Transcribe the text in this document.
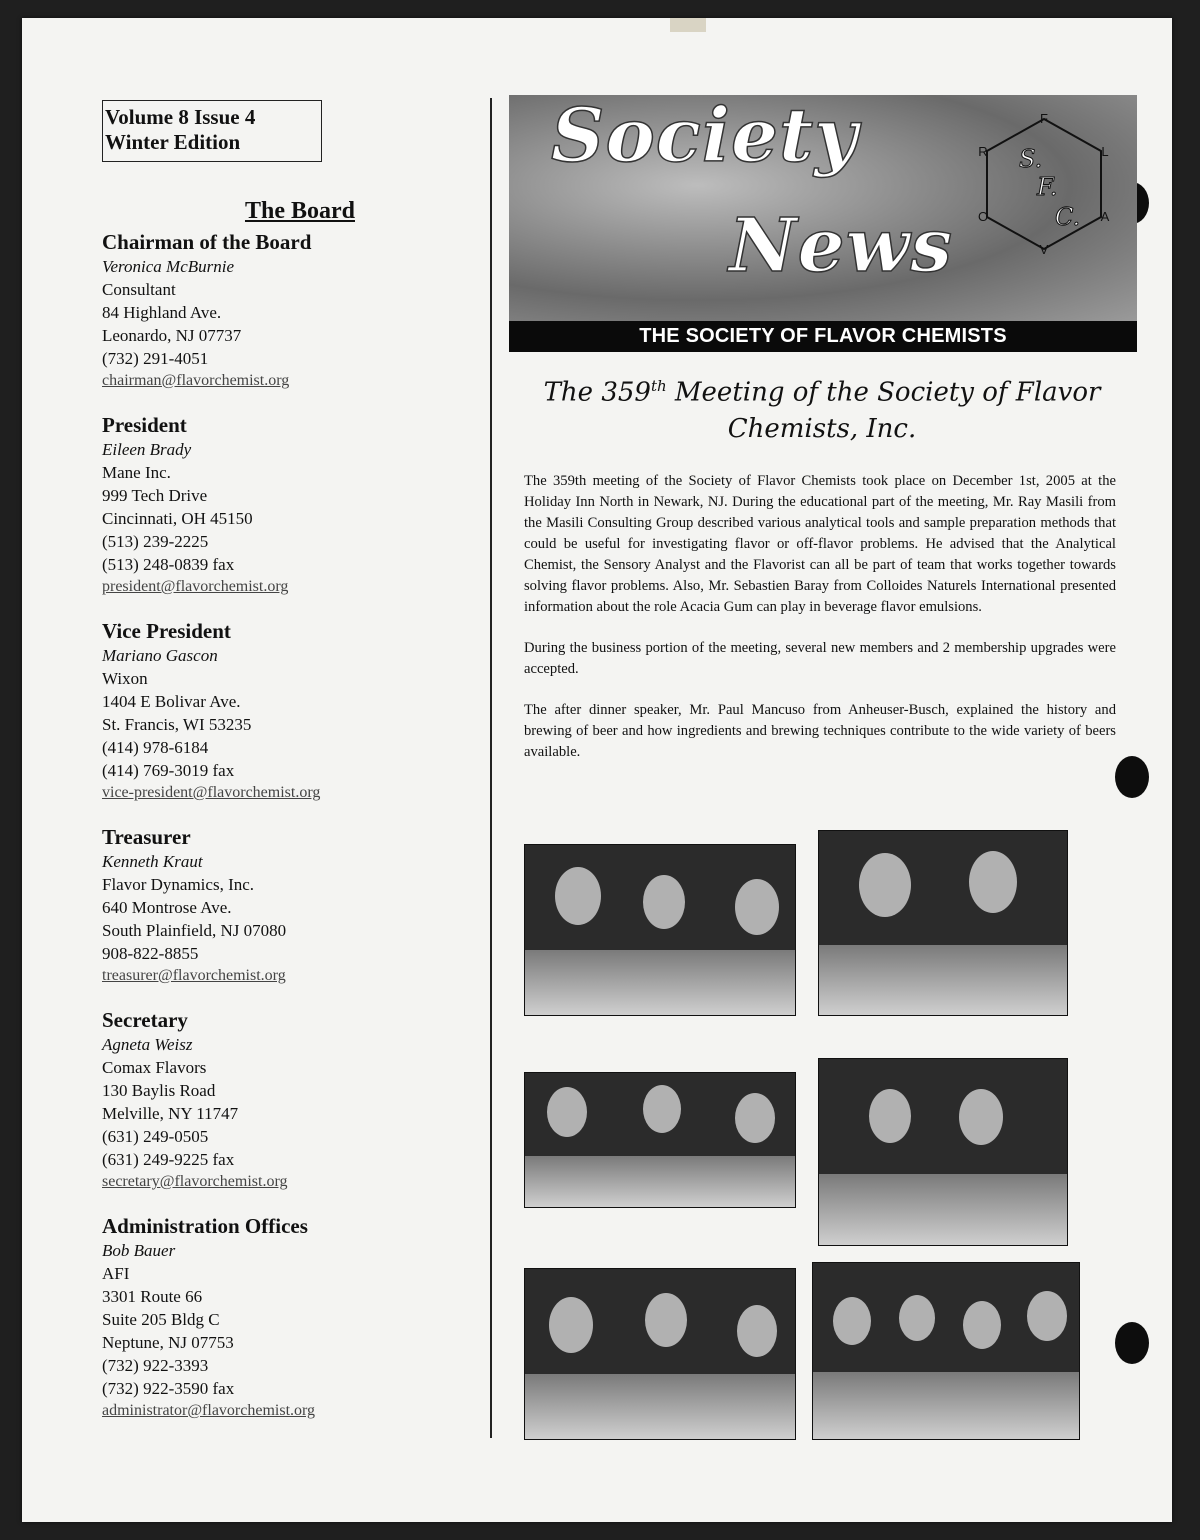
Volume 8 Issue 4
Winter Edition
The Board
Chairman of the Board
Veronica McBurnie
Consultant
84 Highland Ave.
Leonardo, NJ 07737
(732) 291-4051
chairman@flavorchemist.org
President
Eileen Brady
Mane Inc.
999 Tech Drive
Cincinnati, OH 45150
(513) 239-2225
(513) 248-0839 fax
president@flavorchemist.org
Vice President
Mariano Gascon
Wixon
1404 E Bolivar Ave.
St. Francis, WI 53235
(414) 978-6184
(414) 769-3019 fax
vice-president@flavorchemist.org
Treasurer
Kenneth Kraut
Flavor Dynamics, Inc.
640 Montrose Ave.
South Plainfield, NJ 07080
908-822-8855
treasurer@flavorchemist.org
Secretary
Agneta Weisz
Comax Flavors
130 Baylis Road
Melville, NY 11747
(631) 249-0505
(631) 249-9225 fax
secretary@flavorchemist.org
Administration Offices
Bob Bauer
AFI
3301 Route 66
Suite 205 Bldg C
Neptune, NJ 07753
(732) 922-3393
(732) 922-3590 fax
administrator@flavorchemist.org
Society
News
F
L
A
V
O
R S.
F.
C.
THE SOCIETY OF FLAVOR CHEMISTS
The 359th Meeting of the Society of Flavor Chemists, Inc.

The 359th meeting of the Society of Flavor Chemists took place on December 1st, 2005 at the Holiday Inn North in Newark, NJ. During the educational part of the meeting, Mr. Ray Masili from the Masili Consulting Group described various analytical tools and sample preparation methods that could be useful for investigating flavor or off-flavor problems. He advised that the Analytical Chemist, the Sensory Analyst and the Flavorist can all be part of team that works together towards solving flavor problems. Also, Mr. Sebastien Baray from Colloides Naturels International presented information about the role Acacia Gum can play in beverage flavor emulsions.

During the business portion of the meeting, several new members and 2 membership upgrades were accepted.

The after dinner speaker, Mr. Paul Mancuso from Anheuser-Busch, explained the history and brewing of beer and how ingredients and brewing techniques contribute to the wide variety of beers available.
